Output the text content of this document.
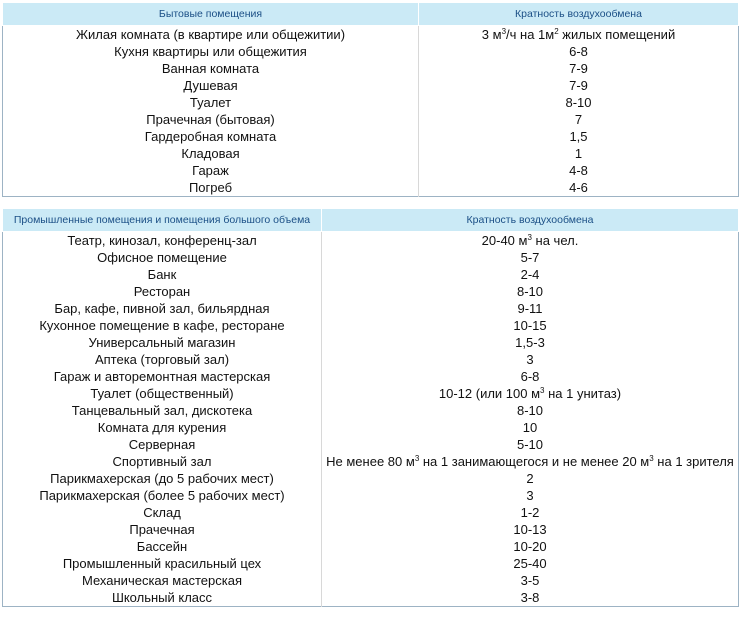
Бытовые помещения	Кратность воздухообмена
Жилая комната (в квартире или общежитии)	3 $м^3/ч$ на $1м^2$ жилых помещений
Кухня квартиры или общежития	6-8
Ванная комната	7-9
Душевая	7-9
Туалет	8-10
Прачечная (бытовая)	7
Гардеробная комната	1,5
Кладовая	1
Гараж	4-8
Погреб	4-6
Промышленные помещения и помещения большого объема	Кратность воздухообмена
Театр, кинозал, конференц-зал	20-40 $м^3$ на чел.
Офисное помещение	5-7
Банк	2-4
Ресторан	8-10
Бар, кафе, пивной зал, бильярдная	9-11
Кухонное помещение в кафе, ресторане	10-15
Универсальный магазин	1,5-3
Аптека (торговый зал)	3
Гараж и авторемонтная мастерская	6-8
Туалет (общественный)	10-12 (или 100 $м^3$ на 1 унитаз)
Танцевальный зал, дискотека	8-10
Комната для курения	10
Серверная	5-10
Спортивный зал	Не менее 80 $м^3$ на 1 занимающегося и не менее 20 $м^3$ на 1 зрителя
Парикмахерская (до 5 рабочих мест)	2
Парикмахерская (более 5 рабочих мест)	3
Склад	1-2
Прачечная	10-13
Бассейн	10-20
Промышленный красильный цех	25-40
Механическая мастерская	3-5
Школьный класс	3-8
